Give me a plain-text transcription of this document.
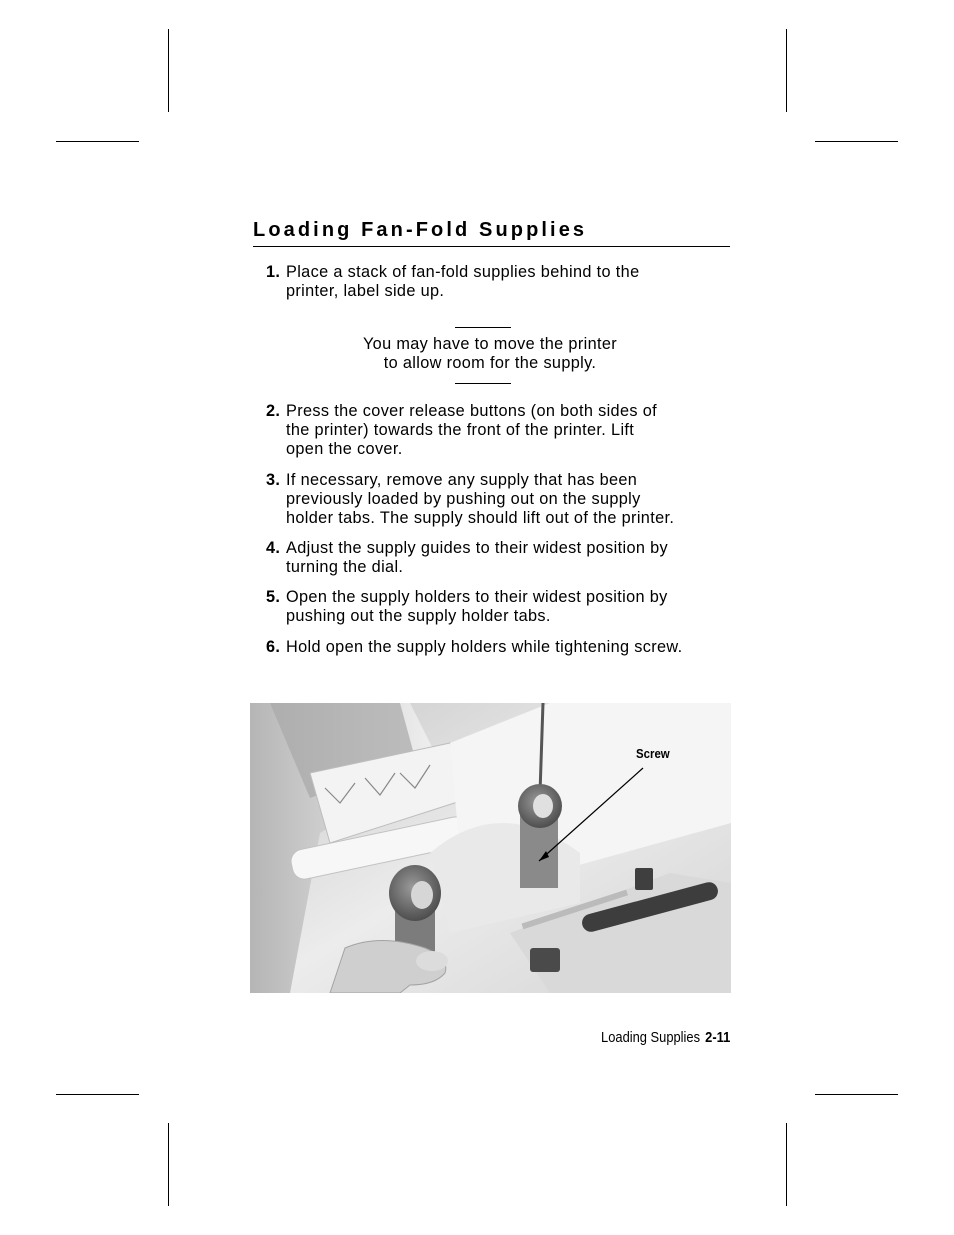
Loading Fan-Fold Supplies
1. Place a stack of fan-fold supplies behind to the
printer, label side up.
You may have to move the printer
to allow room for the supply.
2. Press the cover release buttons (on both sides of
the printer) towards the front of the printer. Lift
open the cover.
3. If necessary, remove any supply that has been
previously loaded by pushing out on the supply
holder tabs. The supply should lift out of the printer.
4. Adjust the supply guides to their widest position by
turning the dial.
5. Open the supply holders to their widest position by
pushing out the supply holder tabs.
6. Hold open the supply holders while tightening screw.
Screw
Loading Supplies 2-11
